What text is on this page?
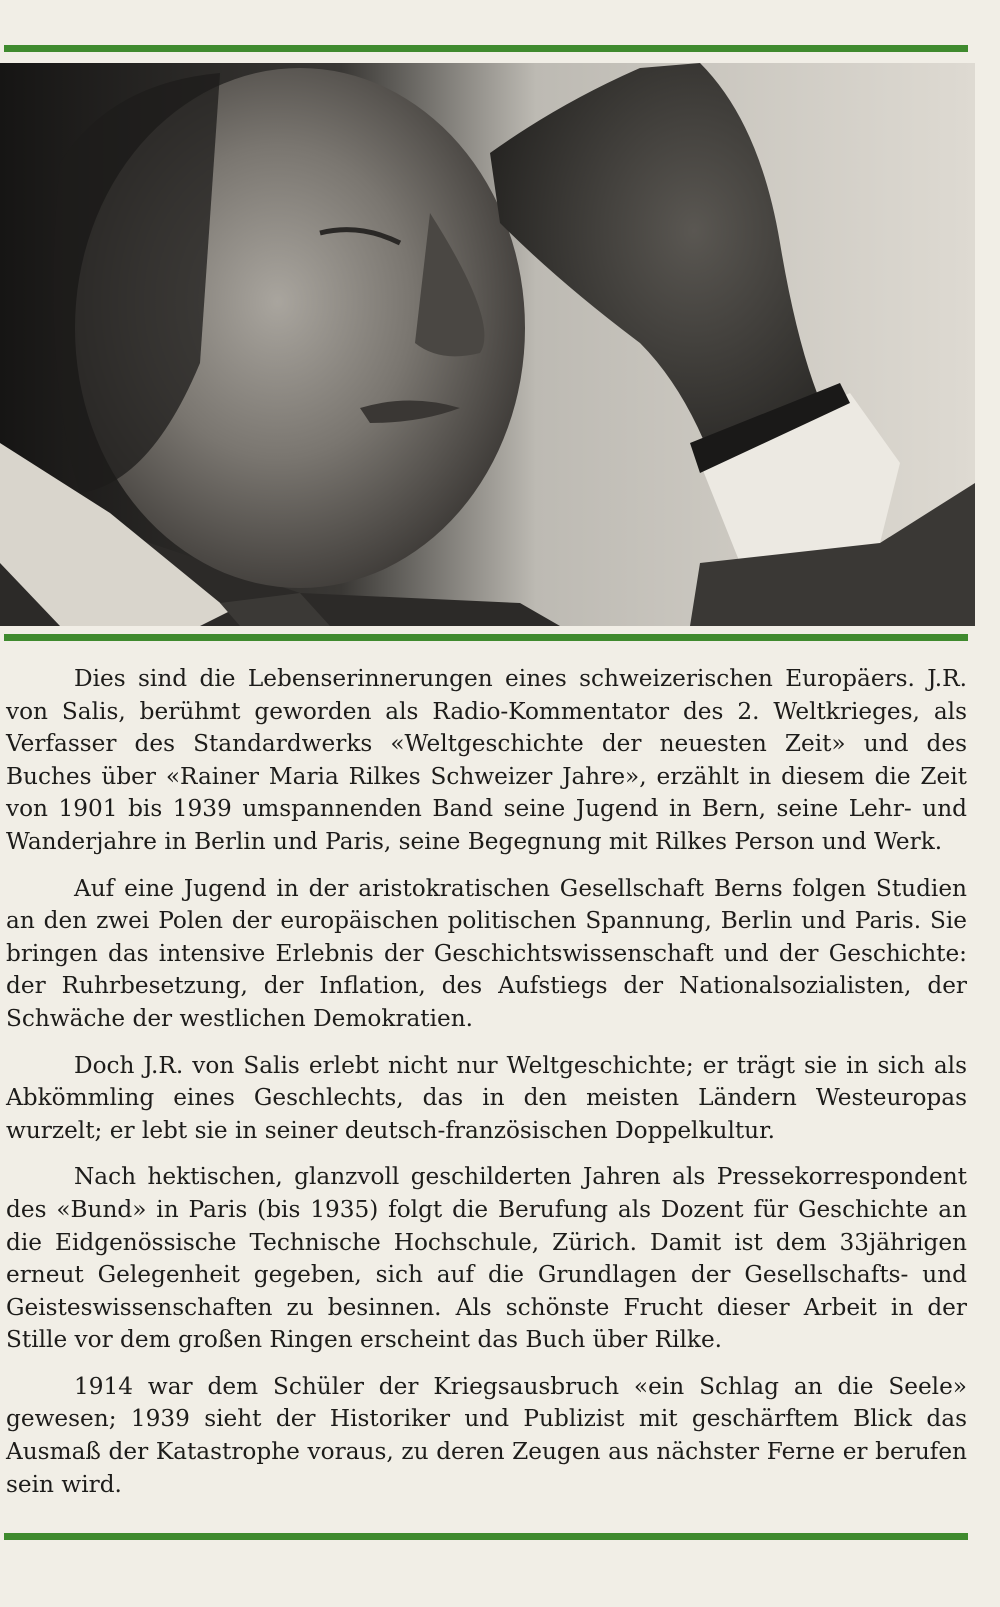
Dies sind die Lebenserinnerungen eines schweizerischen Europäers. J.R. von Salis, berühmt geworden als Radio-Kommentator des 2. Weltkrieges, als Verfasser des Standardwerks «Weltgeschichte der neuesten Zeit» und des Buches über «Rainer Maria Rilkes Schweizer Jahre», erzählt in diesem die Zeit von 1901 bis 1939 umspannenden Band seine Jugend in Bern, seine Lehr- und Wanderjahre in Berlin und Paris, seine Begegnung mit Rilkes Person und Werk.

Auf eine Jugend in der aristokratischen Gesellschaft Berns folgen Studien an den zwei Polen der europäischen politischen Spannung, Berlin und Paris. Sie bringen das intensive Erlebnis der Geschichtswissenschaft und der Geschichte: der Ruhrbesetzung, der Inflation, des Aufstiegs der Nationalsozialisten, der Schwäche der westlichen Demokratien.

Doch J.R. von Salis erlebt nicht nur Weltgeschichte; er trägt sie in sich als Abkömmling eines Geschlechts, das in den meisten Ländern Westeuropas wurzelt; er lebt sie in seiner deutsch-französischen Doppelkultur.

Nach hektischen, glanzvoll geschilderten Jahren als Pressekorrespondent des «Bund» in Paris (bis 1935) folgt die Berufung als Dozent für Geschichte an die Eidgenössische Technische Hochschule, Zürich. Damit ist dem 33jährigen erneut Gelegenheit gegeben, sich auf die Grundlagen der Gesellschafts- und Geisteswissenschaften zu besinnen. Als schönste Frucht dieser Arbeit in der Stille vor dem großen Ringen erscheint das Buch über Rilke.

1914 war dem Schüler der Kriegsausbruch «ein Schlag an die Seele» gewesen; 1939 sieht der Historiker und Publizist mit geschärftem Blick das Ausmaß der Katastrophe voraus, zu deren Zeugen aus nächster Ferne er berufen sein wird.
